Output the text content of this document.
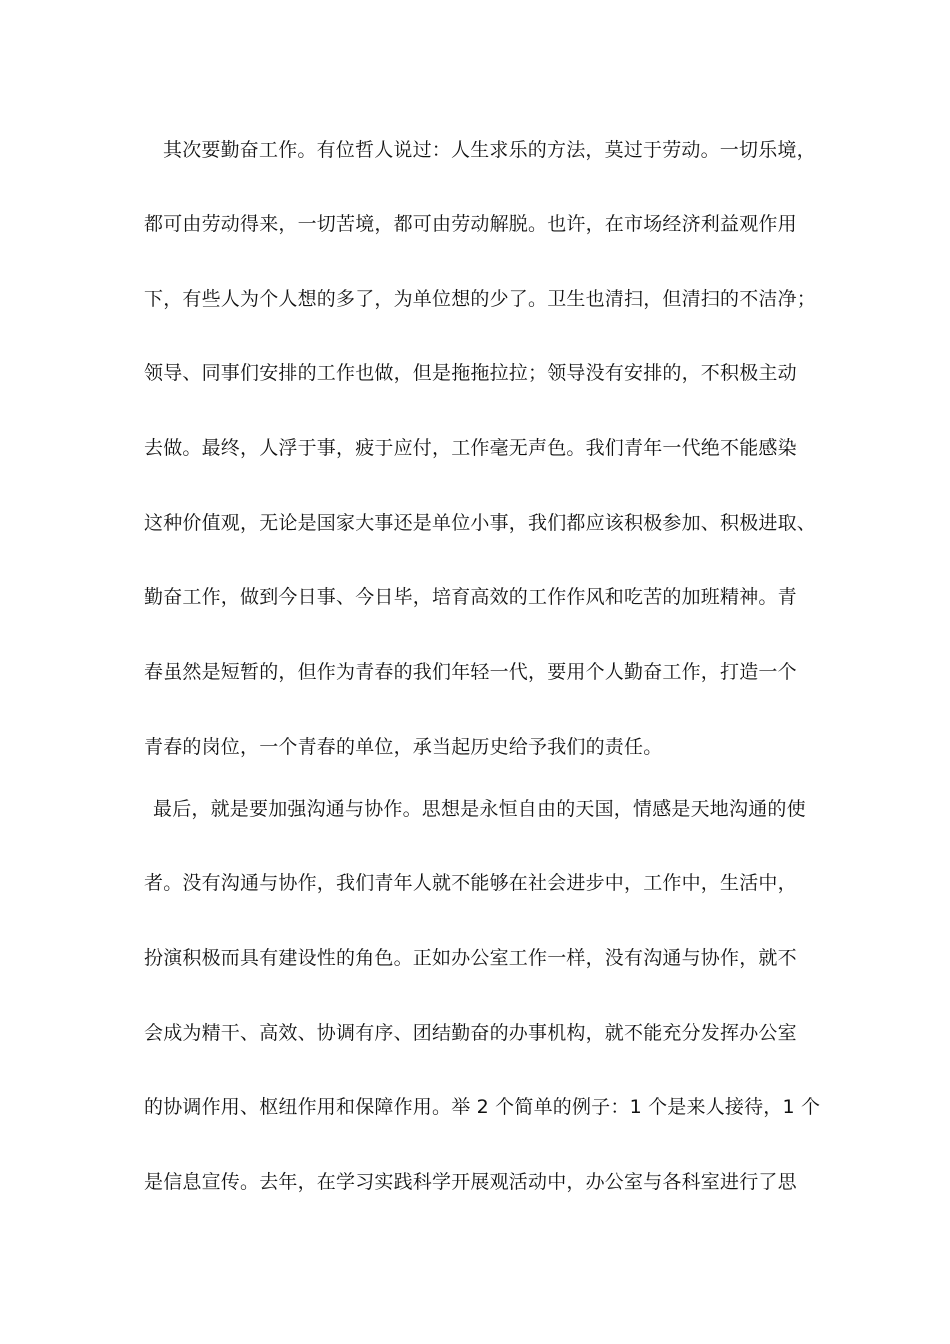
其次要勤奋工作。有位哲人说过：人生求乐的方法，莫过于劳动。一切乐境，
都可由劳动得来，一切苦境，都可由劳动解脱。也许，在市场经济利益观作用
下，有些人为个人想的多了，为单位想的少了。卫生也清扫，但清扫的不洁净；
领导、同事们安排的工作也做，但是拖拖拉拉；领导没有安排的，不积极主动
去做。最终，人浮于事，疲于应付，工作毫无声色。我们青年一代绝不能感染
这种价值观，无论是国家大事还是单位小事，我们都应该积极参加、积极进取、
勤奋工作，做到今日事、今日毕，培育高效的工作作风和吃苦的加班精神。青
春虽然是短暂的，但作为青春的我们年轻一代，要用个人勤奋工作，打造一个
青春的岗位，一个青春的单位，承当起历史给予我们的责任。
最后，就是要加强沟通与协作。思想是永恒自由的天国，情感是天地沟通的使
者。没有沟通与协作，我们青年人就不能够在社会进步中，工作中，生活中，
扮演积极而具有建设性的角色。正如办公室工作一样，没有沟通与协作，就不
会成为精干、高效、协调有序、团结勤奋的办事机构，就不能充分发挥办公室
的协调作用、枢纽作用和保障作用。举 2 个简单的例子：1 个是来人接待，1 个
是信息宣传。去年，在学习实践科学开展观活动中，办公室与各科室进行了思
